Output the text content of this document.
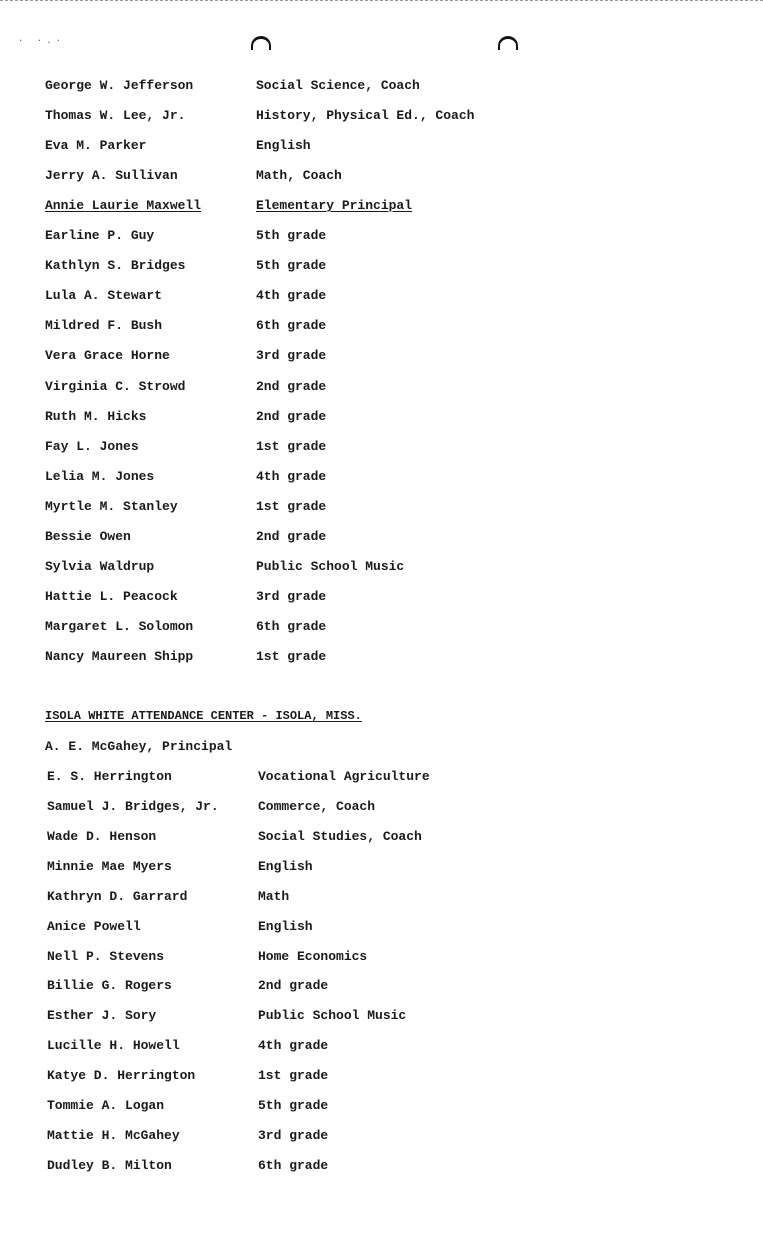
· ·.·
George W. Jefferson	Social Science, Coach
Thomas W. Lee, Jr.	History, Physical Ed., Coach
Eva M. Parker	English
Jerry A. Sullivan	Math, Coach
Annie Laurie Maxwell	Elementary Principal
Earline P. Guy	5th grade
Kathlyn S. Bridges	5th grade
Lula A. Stewart	4th grade
Mildred F. Bush	6th grade
Vera Grace Horne	3rd grade
Virginia C. Strowd	2nd grade
Ruth M. Hicks	2nd grade
Fay L. Jones	1st grade
Lelia M. Jones	4th grade
Myrtle M. Stanley	1st grade
Bessie Owen	2nd grade
Sylvia Waldrup	Public School Music
Hattie L. Peacock	3rd grade
Margaret L. Solomon	6th grade
Nancy Maureen Shipp	1st grade
ISOLA WHITE ATTENDANCE CENTER - ISOLA, MISS.
A. E. McGahey, Principal
E. S. Herrington	Vocational Agriculture
Samuel J. Bridges, Jr.	Commerce, Coach
Wade D. Henson	Social Studies, Coach
Minnie Mae Myers	English
Kathryn D. Garrard	Math
Anice Powell	English
Nell P. Stevens	Home Economics
Billie G. Rogers	2nd grade
Esther J. Sory	Public School Music
Lucille H. Howell	4th grade
Katye D. Herrington	1st grade
Tommie A. Logan	5th grade
Mattie H. McGahey	3rd grade
Dudley B. Milton	6th grade
